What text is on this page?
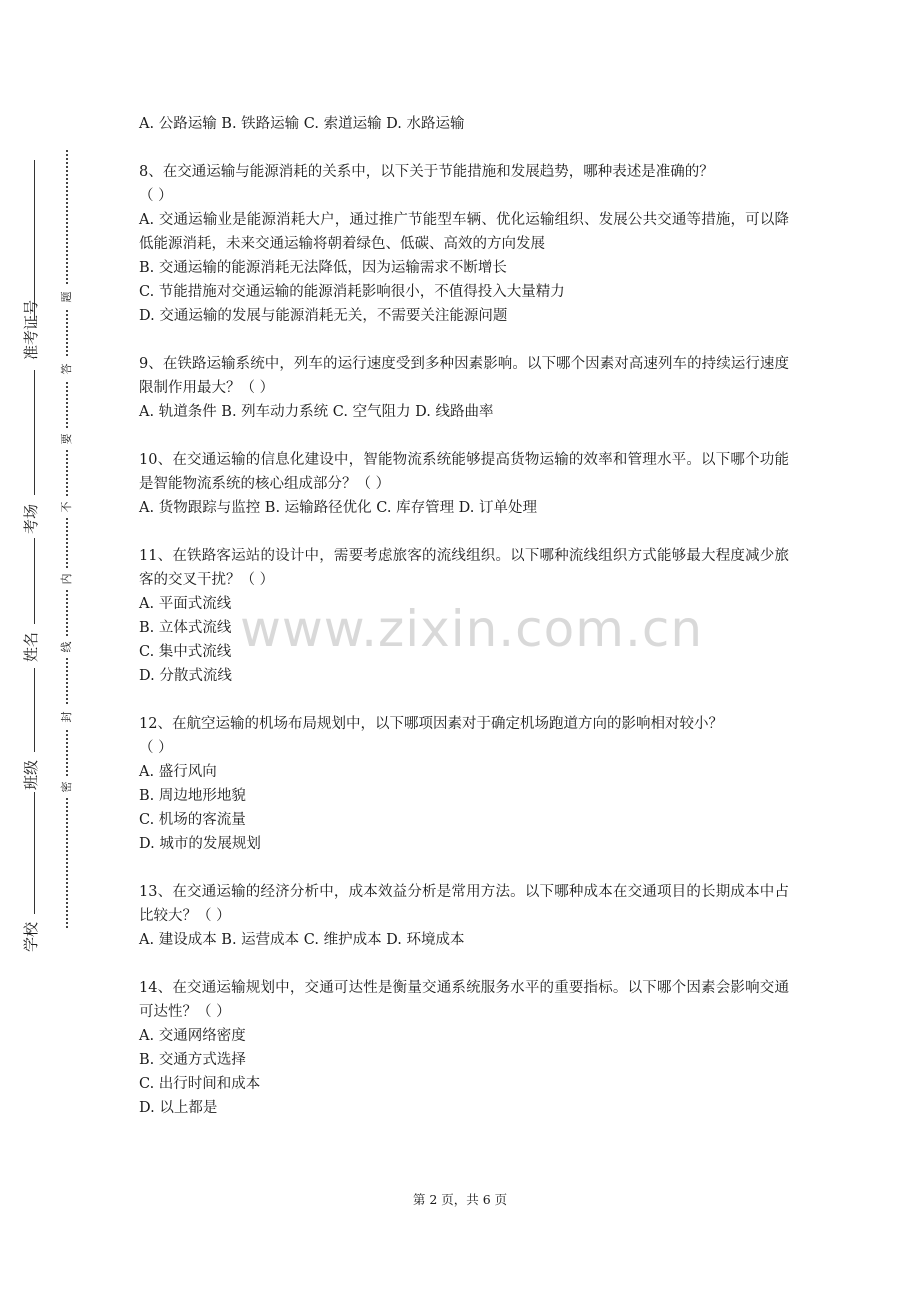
准考证号
考场
姓名
班级
学校
题
答
要
不
内
线
封
密
www.zixin.com.cn

A. 公路运输 B. 铁路运输 C. 索道运输 D. 水路运输

8、在交通运输与能源消耗的关系中，以下关于节能措施和发展趋势，哪种表述是准确的？

（ ）

A. 交通运输业是能源消耗大户，通过推广节能型车辆、优化运输组织、发展公共交通等措施，可以降低能源消耗，未来交通运输将朝着绿色、低碳、高效的方向发展

B. 交通运输的能源消耗无法降低，因为运输需求不断增长

C. 节能措施对交通运输的能源消耗影响很小，不值得投入大量精力

D. 交通运输的发展与能源消耗无关，不需要关注能源问题

9、在铁路运输系统中，列车的运行速度受到多种因素影响。以下哪个因素对高速列车的持续运行速度限制作用最大？（ ）

A. 轨道条件 B. 列车动力系统 C. 空气阻力 D. 线路曲率

10、在交通运输的信息化建设中，智能物流系统能够提高货物运输的效率和管理水平。以下哪个功能是智能物流系统的核心组成部分？（ ）

A. 货物跟踪与监控 B. 运输路径优化 C. 库存管理 D. 订单处理

11、在铁路客运站的设计中，需要考虑旅客的流线组织。以下哪种流线组织方式能够最大程度减少旅客的交叉干扰？（ ）

A. 平面式流线

B. 立体式流线

C. 集中式流线

D. 分散式流线

12、在航空运输的机场布局规划中，以下哪项因素对于确定机场跑道方向的影响相对较小？

（ ）

A. 盛行风向

B. 周边地形地貌

C. 机场的客流量

D. 城市的发展规划

13、在交通运输的经济分析中，成本效益分析是常用方法。以下哪种成本在交通项目的长期成本中占比较大？（ ）

A. 建设成本 B. 运营成本 C. 维护成本 D. 环境成本

14、在交通运输规划中，交通可达性是衡量交通系统服务水平的重要指标。以下哪个因素会影响交通可达性？（ ）

A. 交通网络密度

B. 交通方式选择

C. 出行时间和成本

D. 以上都是

第 2 页，共 6 页
